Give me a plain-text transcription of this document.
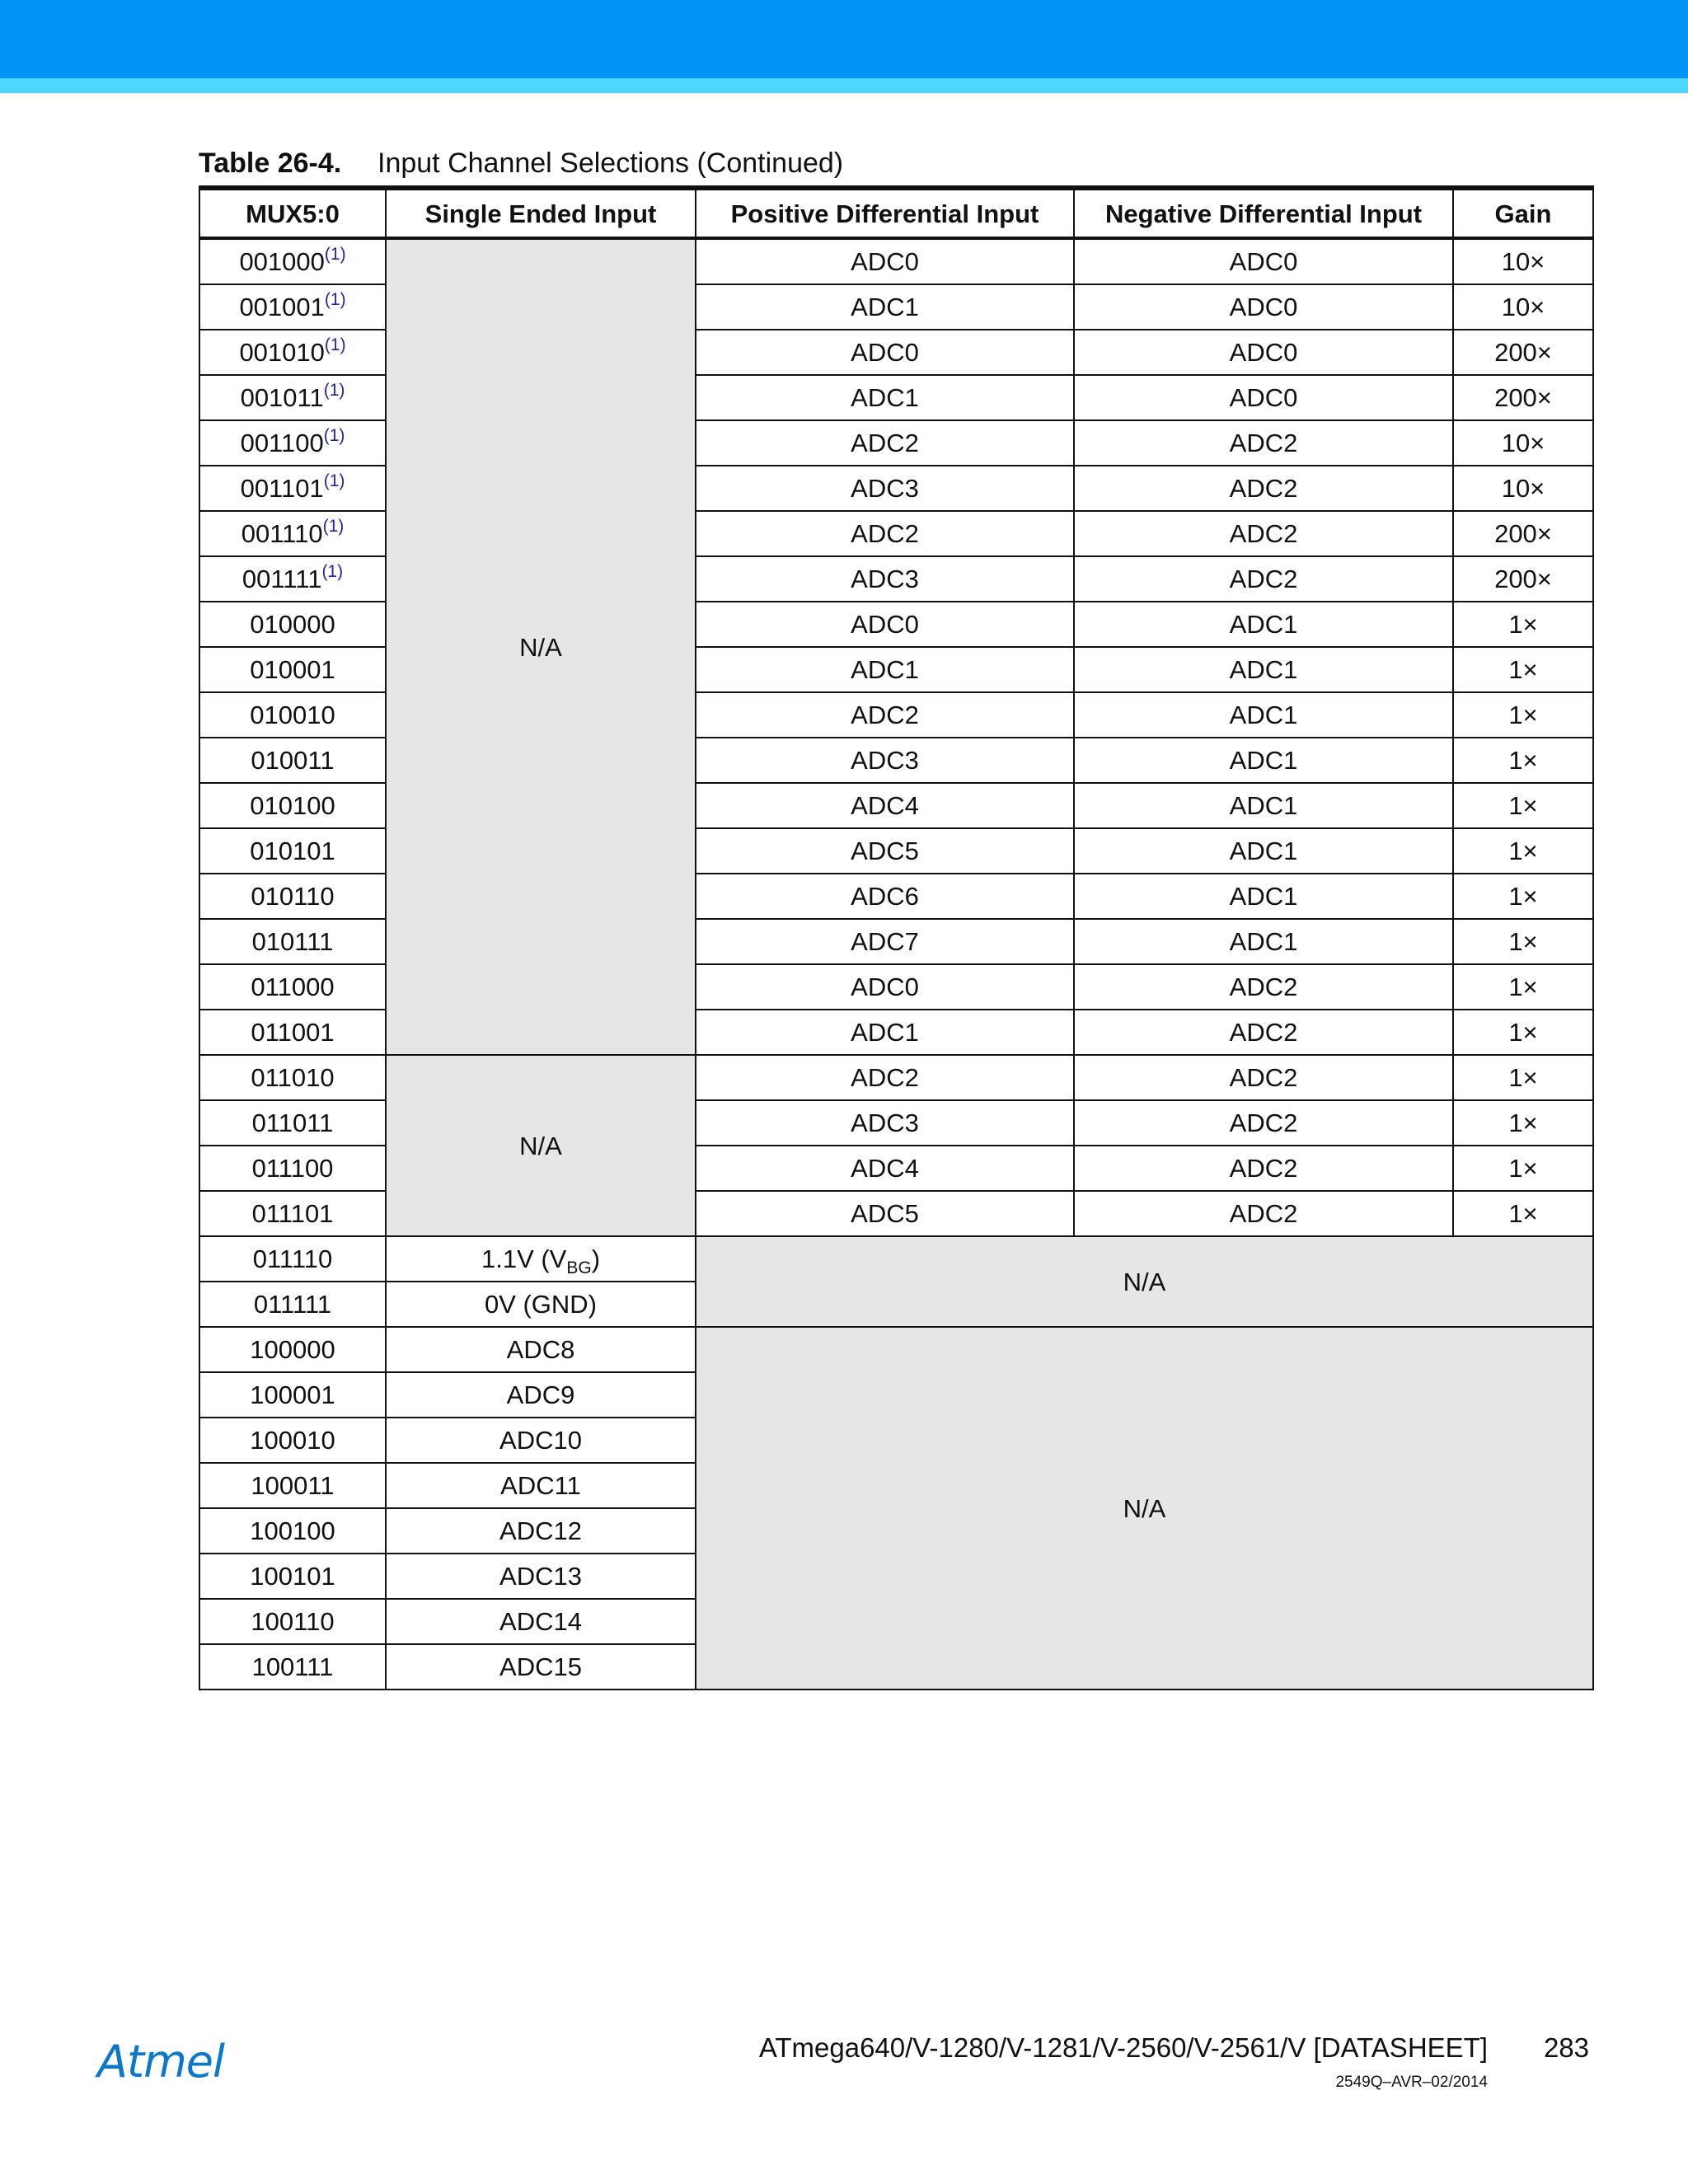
Table 26-4. Input Channel Selections (Continued)
MUX5:0	Single Ended Input	Positive Differential Input	Negative Differential Input	Gain
001000$^{(1)}$	N/A	ADC0	ADC0	10×
001001$^{(1)}$		ADC1	ADC0	10×
001010$^{(1)}$		ADC0	ADC0	200×
001011$^{(1)}$		ADC1	ADC0	200×
001100$^{(1)}$		ADC2	ADC2	10×
001101$^{(1)}$		ADC3	ADC2	10×
001110$^{(1)}$		ADC2	ADC2	200×
001111$^{(1)}$		ADC3	ADC2	200×
010000		ADC0	ADC1	1×
010001		ADC1	ADC1	1×
010010		ADC2	ADC1	1×
010011		ADC3	ADC1	1×
010100		ADC4	ADC1	1×
010101		ADC5	ADC1	1×
010110		ADC6	ADC1	1×
010111		ADC7	ADC1	1×
011000		ADC0	ADC2	1×
011001		ADC1	ADC2	1×
011010	N/A	ADC2	ADC2	1×
011011		ADC3	ADC2	1×
011100		ADC4	ADC2	1×
011101		ADC5	ADC2	1×
011110	1.1V $(V_{BG})$	N/A		
011111	0V (GND)			
100000	ADC8	N/A		
100001	ADC9			
100010	ADC10			
100011	ADC11			
100100	ADC12			
100101	ADC13			
100110	ADC14			
100111	ADC15			
Atmel	ATmega640/V-1280/V-1281/V-2560/V-2561/V [DATASHEET] 283
2549Q–AVR–02/2014
